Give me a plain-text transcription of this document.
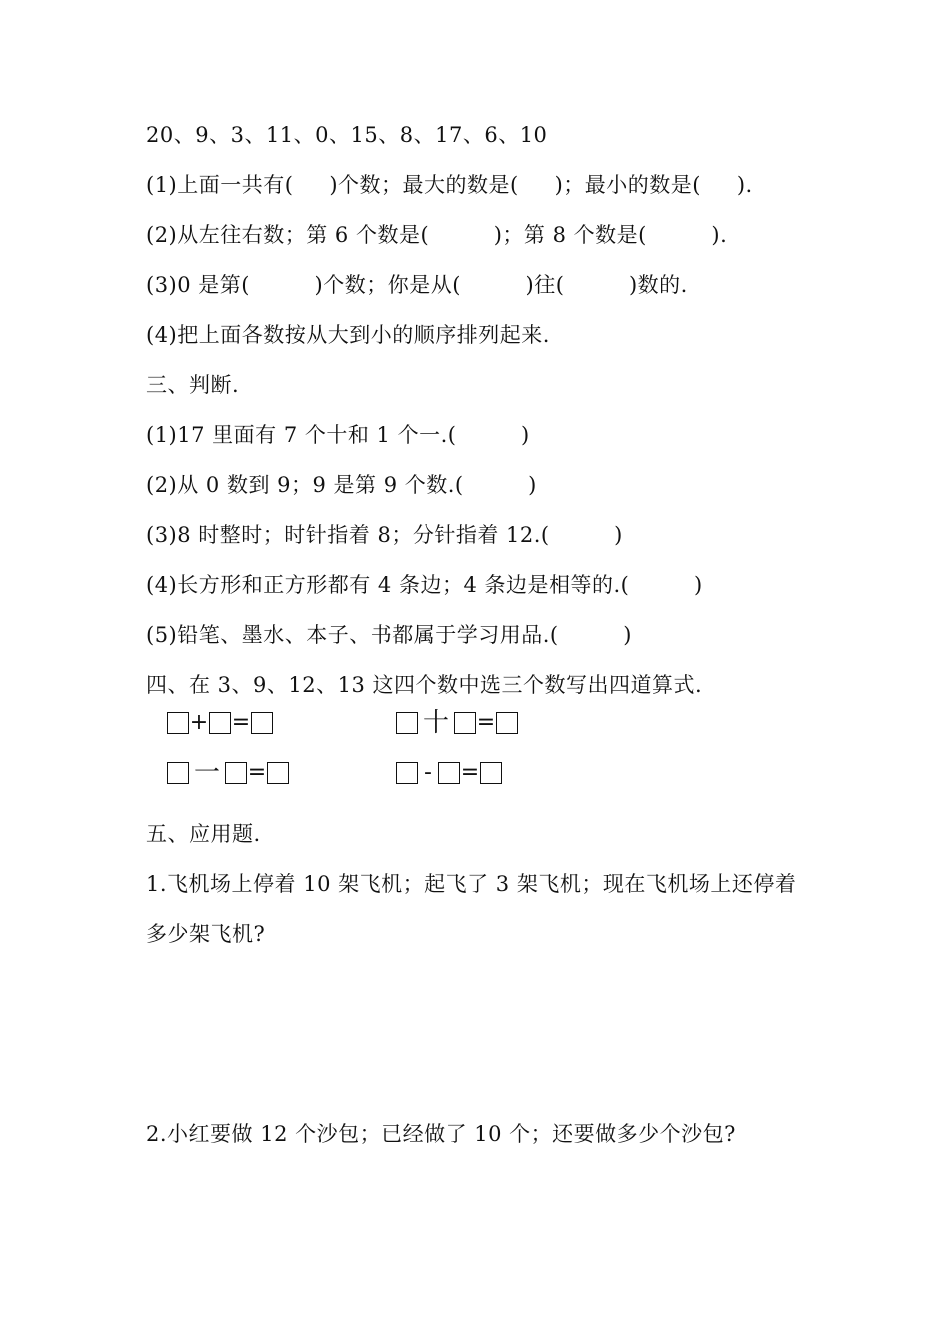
20、9、3、11、0、15、8、17、6、10
(1)上面一共有(     )个数；最大的数是(     )；最小的数是(     ).
(2)从左往右数；第 6 个数是(         )；第 8 个数是(         ).
(3)0 是第(         )个数；你是从(         )往(         )数的.
(4)把上面各数按从大到小的顺序排列起来.
三、判断.
(1)17 里面有 7 个十和 1 个一.(         )
(2)从 0 数到 9；9 是第 9 个数.(         )
(3)8 时整时；时针指着 8；分针指着 12.(         )
(4)长方形和正方形都有 4 条边；4 条边是相等的.(         )
(5)铅笔、墨水、本子、书都属于学习用品.(         )
四、在 3、9、12、13 这四个数中选三个数写出四道算式.
+ =	十 =
一 =	- =
五、应用题.
1.飞机场上停着 10 架飞机；起飞了 3 架飞机；现在飞机场上还停着
多少架飞机?
2.小红要做 12 个沙包；已经做了 10 个；还要做多少个沙包?
